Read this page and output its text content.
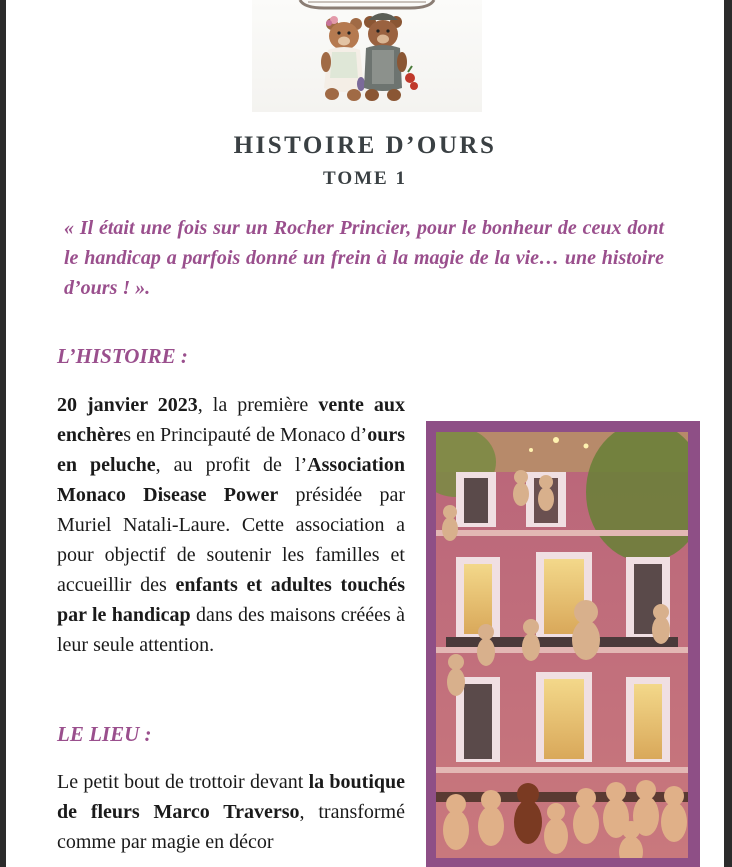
HISTOIRE D’OURS
TOME 1
« Il était une fois sur un Rocher Princier, pour le bonheur de ceux dont le handicap a parfois donné un frein à la magie de la vie… une histoire d’ours ! ».
L’HISTOIRE :
20 janvier 2023, la première vente aux enchères en Principauté de Monaco d’ours en peluche, au profit de l’Association Monaco Disease Power présidée par Muriel Natali-Laure. Cette association a pour objectif de soutenir les familles et accueillir des enfants et adultes touchés par le handicap dans des maisons créées à leur seule attention.
LE LIEU :
Le petit bout de trottoir devant la boutique de fleurs Marco Traverso, transformé comme par magie en décor
